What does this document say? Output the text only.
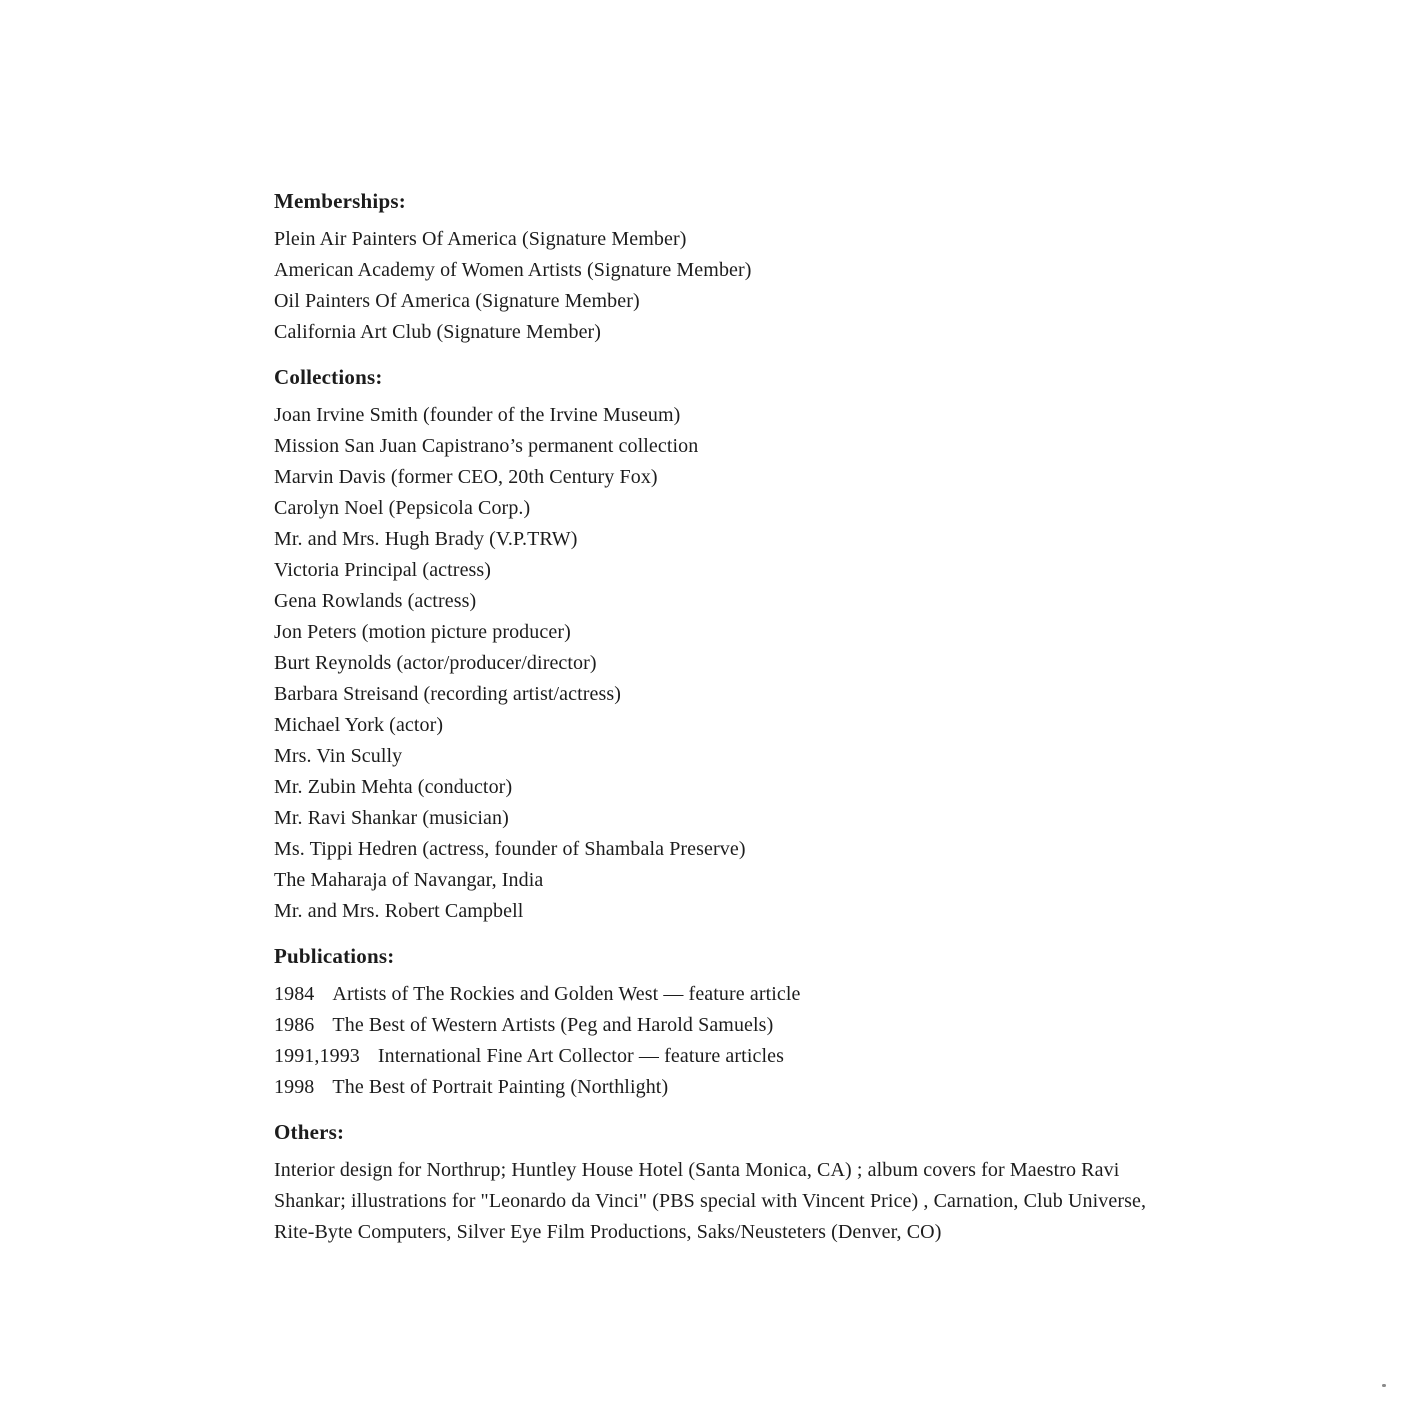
Memberships:
Plein Air Painters Of America (Signature Member)
American Academy of Women Artists (Signature Member)
Oil Painters Of America (Signature Member)
California Art Club (Signature Member)
Collections:
Joan Irvine Smith (founder of the Irvine Museum)
Mission San Juan Capistrano’s permanent collection
Marvin Davis (former CEO, 20th Century Fox)
Carolyn Noel (Pepsicola Corp.)
Mr. and Mrs. Hugh Brady (V.P.TRW)
Victoria Principal (actress)
Gena Rowlands (actress)
Jon Peters (motion picture producer)
Burt Reynolds (actor/producer/director)
Barbara Streisand (recording artist/actress)
Michael York (actor)
Mrs. Vin Scully
Mr. Zubin Mehta (conductor)
Mr. Ravi Shankar (musician)
Ms. Tippi Hedren (actress, founder of Shambala Preserve)
The Maharaja of Navangar, India
Mr. and Mrs. Robert Campbell
Publications:
1984 Artists of The Rockies and Golden West — feature article
1986 The Best of Western Artists (Peg and Harold Samuels)
1991,1993 International Fine Art Collector — feature articles
1998 The Best of Portrait Painting (Northlight)
Others:

Interior design for Northrup; Huntley House Hotel (Santa Monica, CA) ; album covers for Maestro Ravi Shankar; illustrations for "Leonardo da Vinci" (PBS special with Vincent Price) , Carnation, Club Universe, Rite-Byte Computers, Silver Eye Film Productions, Saks/Neusteters (Denver, CO)
